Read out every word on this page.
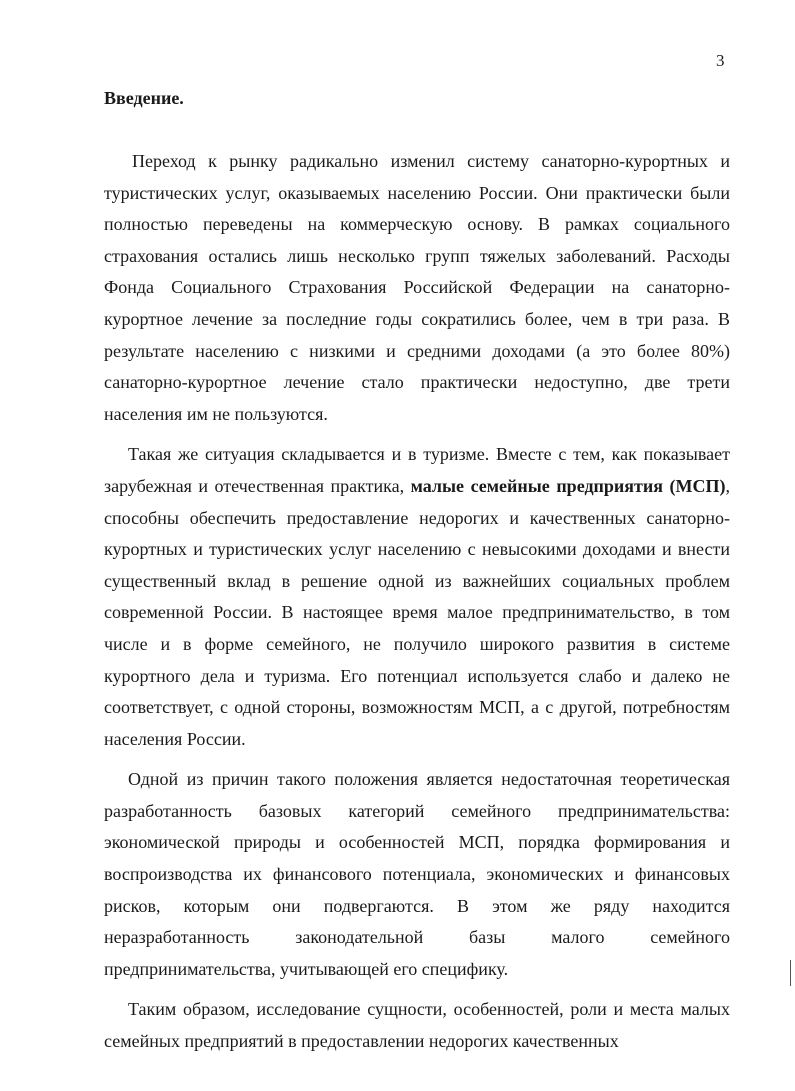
3
Введение.

Переход к рынку радикально изменил систему санаторно-курортных и туристических услуг, оказываемых населению России. Они практически были полностью переведены на коммерческую основу. В рамках социального страхования остались лишь несколько групп тяжелых заболеваний. Расходы Фонда Социального Страхования Российской Федерации на санаторно-курортное лечение за последние годы сократились более, чем в три раза. В результате населению с низкими и средними доходами (а это более 80%) санаторно-курортное лечение стало практически недоступно, две трети населения им не пользуются.

Такая же ситуация складывается и в туризме. Вместе с тем, как показывает зарубежная и отечественная практика, малые семейные предприятия (МСП), способны обеспечить предоставление недорогих и качественных санаторно-курортных и туристических услуг населению с невысокими доходами и внести существенный вклад в решение одной из важнейших социальных проблем современной России. В настоящее время малое предпринимательство, в том числе и в форме семейного, не получило широкого развития в системе курортного дела и туризма. Его потенциал используется слабо и далеко не соответствует, с одной стороны, возможностям МСП, а с другой, потребностям населения России.

Одной из причин такого положения является недостаточная теоретическая разработанность базовых категорий семейного предпринимательства: экономической природы и особенностей МСП, порядка формирования и воспроизводства их финансового потенциала, экономических и финансовых рисков, которым они подвергаются. В этом же ряду находится неразработанность законодательной базы малого семейного предпринимательства, учитывающей его специфику.

Таким образом, исследование сущности, особенностей, роли и места малых семейных предприятий в предоставлении недорогих качественных
